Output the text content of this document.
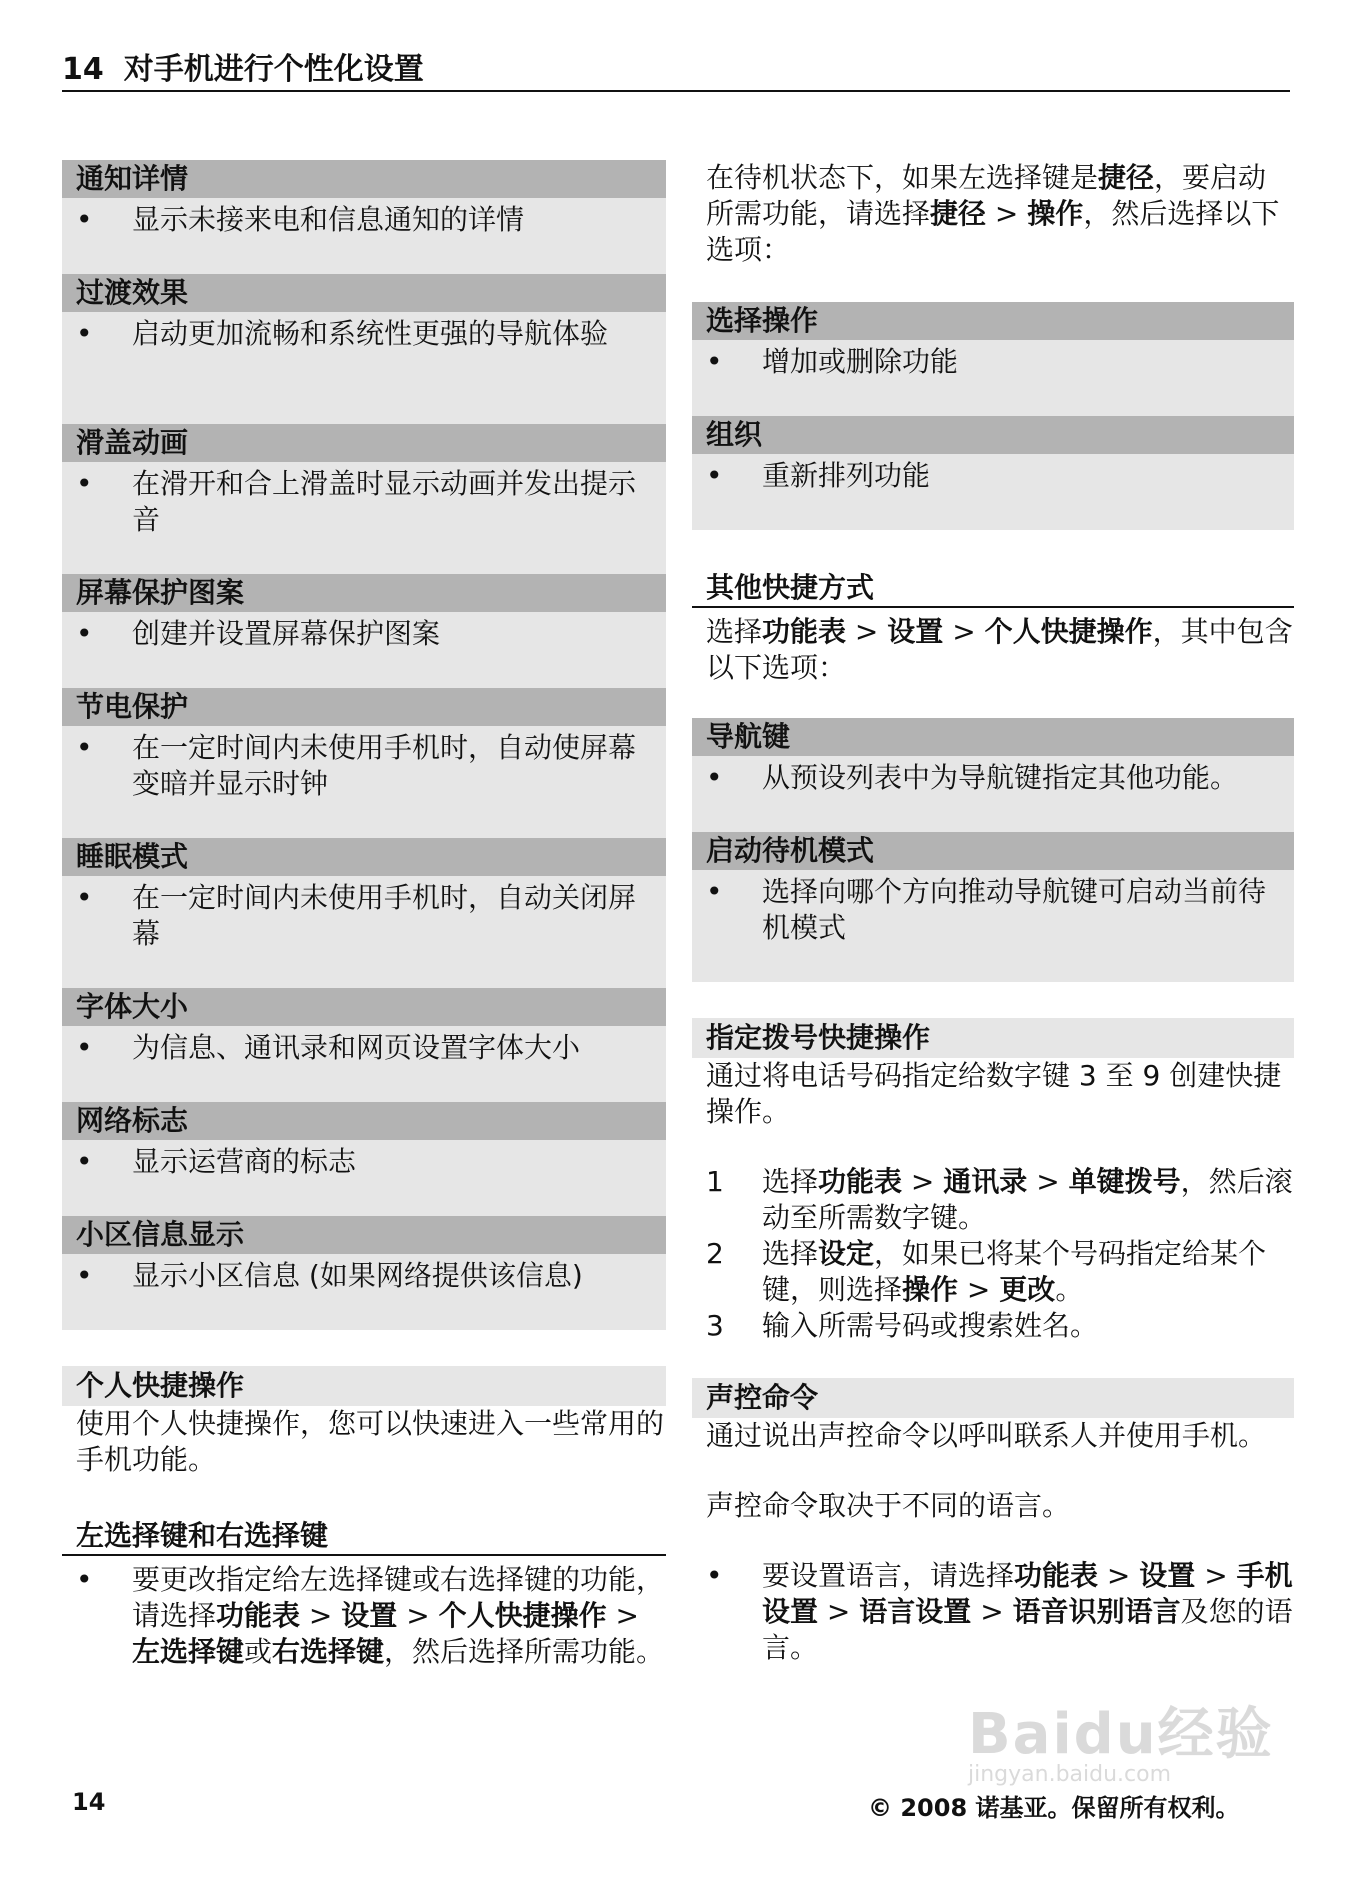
14 对手机进行个性化设置
通知详情
•	显示未接来电和信息通知的详情
过渡效果
•	启动更加流畅和系统性更强的导航体验
滑盖动画
•	在滑开和合上滑盖时显示动画并发出提示音
屏幕保护图案
•	创建并设置屏幕保护图案
节电保护
•	在一定时间内未使用手机时，自动使屏幕变暗并显示时钟
睡眠模式
•	在一定时间内未使用手机时，自动关闭屏幕
字体大小
•	为信息、通讯录和网页设置字体大小
网络标志
•	显示运营商的标志
小区信息显示
•	显示小区信息 (如果网络提供该信息)
个人快捷操作
使用个人快捷操作，您可以快速进入一些常用的手机功能。
左选择键和右选择键
•	要更改指定给左选择键或右选择键的功能，请选择功能表 > 设置 > 个人快捷操作 > 左选择键或右选择键，然后选择所需功能。
在待机状态下，如果左选择键是捷径，要启动所需功能，请选择捷径 > 操作，然后选择以下选项：
选择操作
•	增加或删除功能
组织
•	重新排列功能
其他快捷方式
选择功能表 > 设置 > 个人快捷操作，其中包含以下选项：
导航键
•	从预设列表中为导航键指定其他功能。
启动待机模式
•	选择向哪个方向推动导航键可启动当前待机模式
指定拨号快捷操作
通过将电话号码指定给数字键 3 至 9 创建快捷操作。
1	选择功能表 > 通讯录 > 单键拨号，然后滚动至所需数字键。
2	选择设定，如果已将某个号码指定给某个键，则选择操作 > 更改。
3	输入所需号码或搜索姓名。
声控命令
通过说出声控命令以呼叫联系人并使用手机。
声控命令取决于不同的语言。
•	要设置语言，请选择功能表 > 设置 > 手机设置 > 语言设置 > 语音识别语言及您的语言。
Baidu经验
jingyan.baidu.com
14	© 2008 诺基亚。保留所有权利。
